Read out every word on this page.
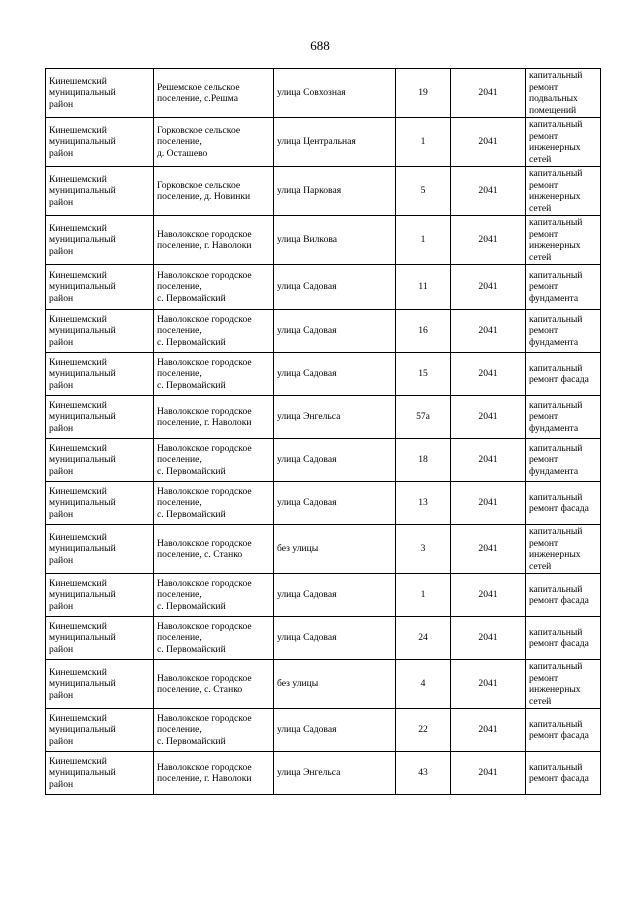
688
Кинешемский
муниципальный
район	Решемское сельское
поселение, с.Решма	улица Совхозная	19	2041	капитальный
ремонт
подвальных
помещений

Кинешемский
муниципальный
район	Горковское сельское
поселение,
д. Осташево	улица Центральная	1	2041	капитальный
ремонт
инженерных
сетей

Кинешемский
муниципальный
район	Горковское сельское
поселение, д. Новинки	улица Парковая	5	2041	капитальный
ремонт
инженерных
сетей

Кинешемский
муниципальный
район	Наволокское городское
поселение, г. Наволоки	улица Вилкова	1	2041	капитальный
ремонт
инженерных
сетей

Кинешемский
муниципальный
район	Наволокское городское
поселение,
с. Первомайский	улица Садовая	11	2041	капитальный
ремонт
фундамента

Кинешемский
муниципальный
район	Наволокское городское
поселение,
с. Первомайский	улица Садовая	16	2041	капитальный
ремонт
фундамента

Кинешемский
муниципальный
район	Наволокское городское
поселение,
с. Первомайский	улица Садовая	15	2041	капитальный
ремонт фасада

Кинешемский
муниципальный
район	Наволокское городское
поселение, г. Наволоки	улица Энгельса	57а	2041	капитальный
ремонт
фундамента

Кинешемский
муниципальный
район	Наволокское городское
поселение,
с. Первомайский	улица Садовая	18	2041	капитальный
ремонт
фундамента

Кинешемский
муниципальный
район	Наволокское городское
поселение,
с. Первомайский	улица Садовая	13	2041	капитальный
ремонт фасада

Кинешемский
муниципальный
район	Наволокское городское
поселение, с. Станко	без улицы	3	2041	капитальный
ремонт
инженерных
сетей

Кинешемский
муниципальный
район	Наволокское городское
поселение,
с. Первомайский	улица Садовая	1	2041	капитальный
ремонт фасада

Кинешемский
муниципальный
район	Наволокское городское
поселение,
с. Первомайский	улица Садовая	24	2041	капитальный
ремонт фасада

Кинешемский
муниципальный
район	Наволокское городское
поселение, с. Станко	без улицы	4	2041	капитальный
ремонт
инженерных
сетей

Кинешемский
муниципальный
район	Наволокское городское
поселение,
с. Первомайский	улица Садовая	22	2041	капитальный
ремонт фасада

Кинешемский
муниципальный
район	Наволокское городское
поселение, г. Наволоки	улица Энгельса	43	2041	капитальный
ремонт фасада
